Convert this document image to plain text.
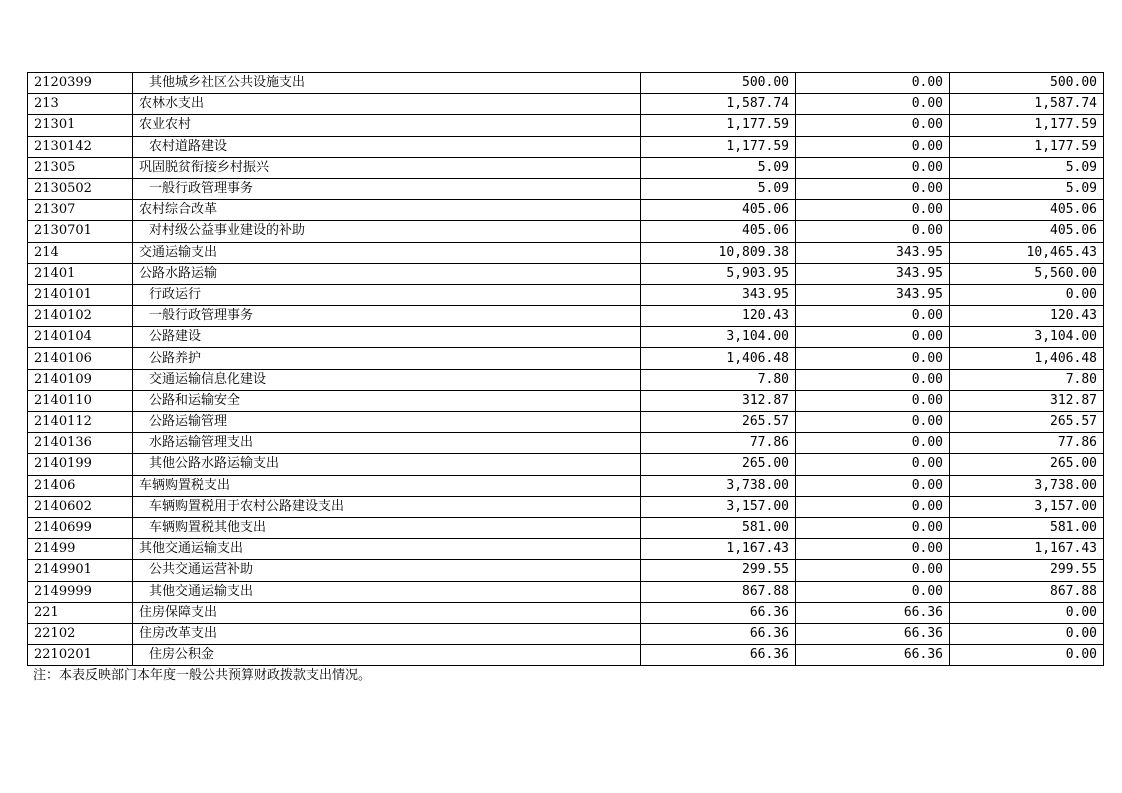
2120399	其他城乡社区公共设施支出	500.00	0.00	500.00
213	农林水支出	1,587.74	0.00	1,587.74
21301	农业农村	1,177.59	0.00	1,177.59
2130142	农村道路建设	1,177.59	0.00	1,177.59
21305	巩固脱贫衔接乡村振兴	5.09	0.00	5.09
2130502	一般行政管理事务	5.09	0.00	5.09
21307	农村综合改革	405.06	0.00	405.06
2130701	对村级公益事业建设的补助	405.06	0.00	405.06
214	交通运输支出	10,809.38	343.95	10,465.43
21401	公路水路运输	5,903.95	343.95	5,560.00
2140101	行政运行	343.95	343.95	0.00
2140102	一般行政管理事务	120.43	0.00	120.43
2140104	公路建设	3,104.00	0.00	3,104.00
2140106	公路养护	1,406.48	0.00	1,406.48
2140109	交通运输信息化建设	7.80	0.00	7.80
2140110	公路和运输安全	312.87	0.00	312.87
2140112	公路运输管理	265.57	0.00	265.57
2140136	水路运输管理支出	77.86	0.00	77.86
2140199	其他公路水路运输支出	265.00	0.00	265.00
21406	车辆购置税支出	3,738.00	0.00	3,738.00
2140602	车辆购置税用于农村公路建设支出	3,157.00	0.00	3,157.00
2140699	车辆购置税其他支出	581.00	0.00	581.00
21499	其他交通运输支出	1,167.43	0.00	1,167.43
2149901	公共交通运营补助	299.55	0.00	299.55
2149999	其他交通运输支出	867.88	0.00	867.88
221	住房保障支出	66.36	66.36	0.00
22102	住房改革支出	66.36	66.36	0.00
2210201	住房公积金	66.36	66.36	0.00
注：本表反映部门本年度一般公共预算财政拨款支出情况。
